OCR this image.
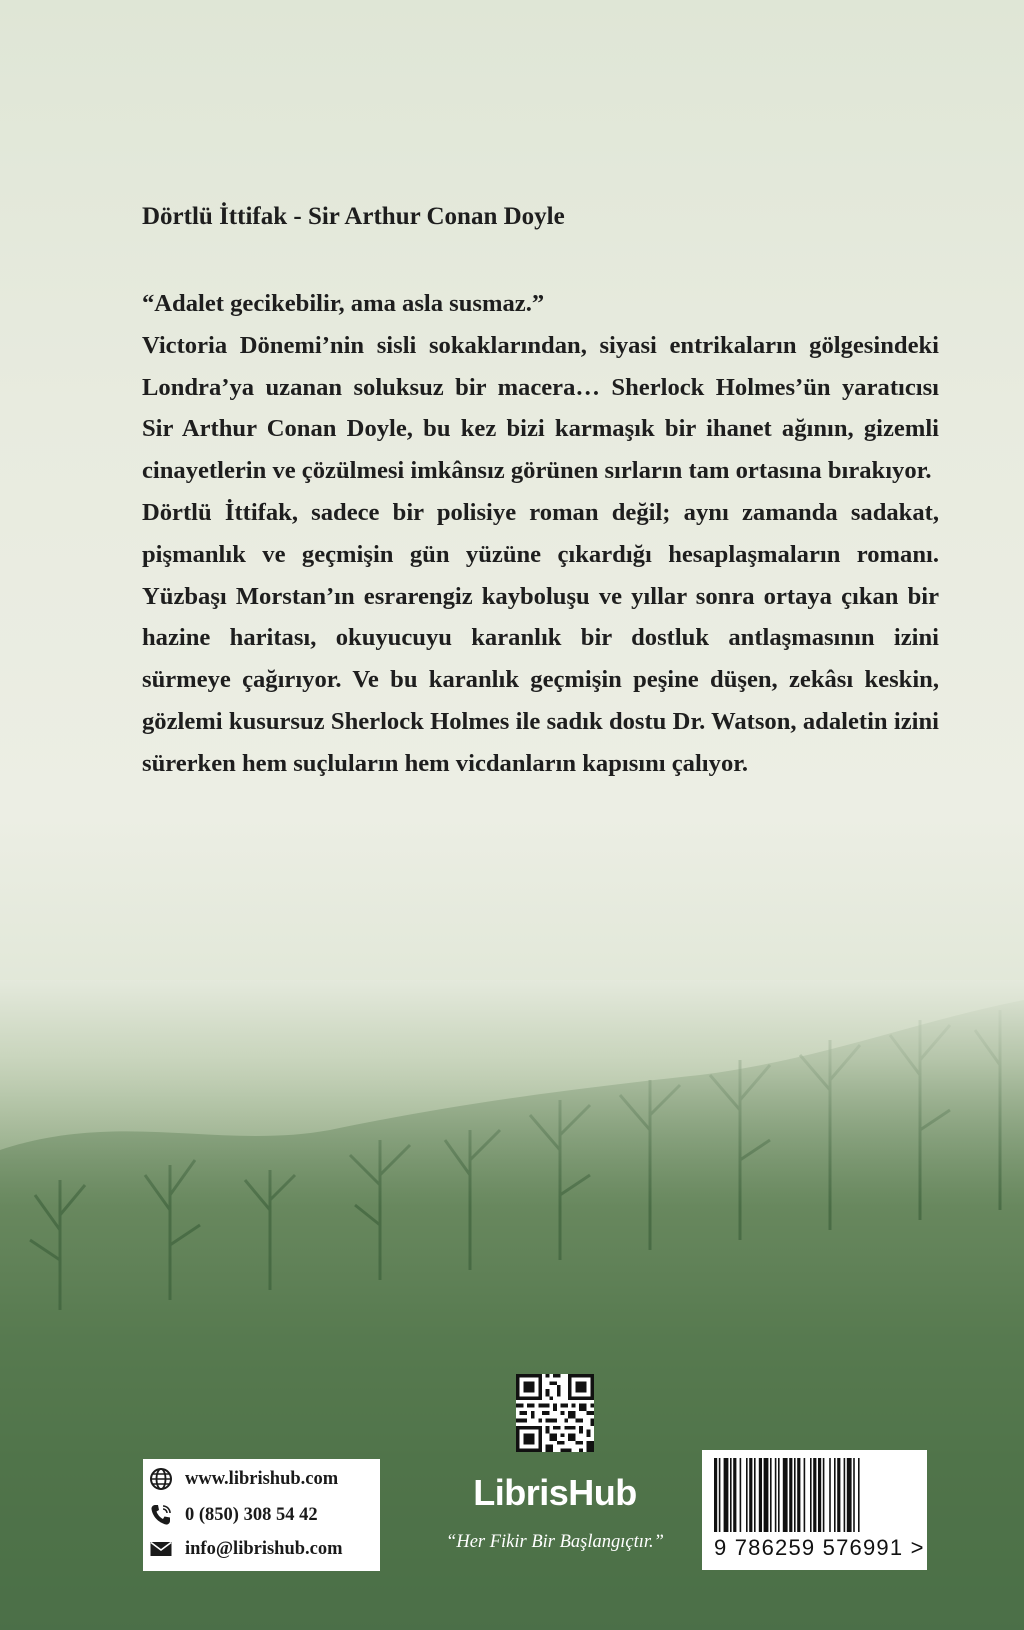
Dörtlü İttifak - Sir Arthur Conan Doyle

“Adalet gecikebilir, ama asla susmaz.”

Victoria Dönemi’nin sisli sokaklarından, siyasi entrikaların gölgesindeki Londra’ya uzanan soluksuz bir macera… Sherlock Holmes’ün yaratıcısı Sir Arthur Conan Doyle, bu kez bizi karmaşık bir ihanet ağının, gizemli cinayetlerin ve çözülmesi imkânsız görünen sırların tam ortasına bırakıyor.

Dörtlü İttifak, sadece bir polisiye roman değil; aynı zamanda sadakat, pişmanlık ve geçmişin gün yüzüne çıkardığı hesaplaşmaların romanı. Yüzbaşı Morstan’ın esrarengiz kayboluşu ve yıllar sonra ortaya çıkan bir hazine haritası, okuyucuyu karanlık bir dostluk antlaşmasının izini sürmeye çağırıyor. Ve bu karanlık geçmişin peşine düşen, zekâsı keskin, gözlemi kusursuz Sherlock Holmes ile sadık dostu Dr. Watson, adaletin izini sürerken hem suçluların hem vicdanların kapısını çalıyor.

www.librishub.com
0 (850) 308 54 42
info@librishub.com
LibrisHub
“Her Fikir Bir Başlangıçtır.”	9 786259 576991 >
